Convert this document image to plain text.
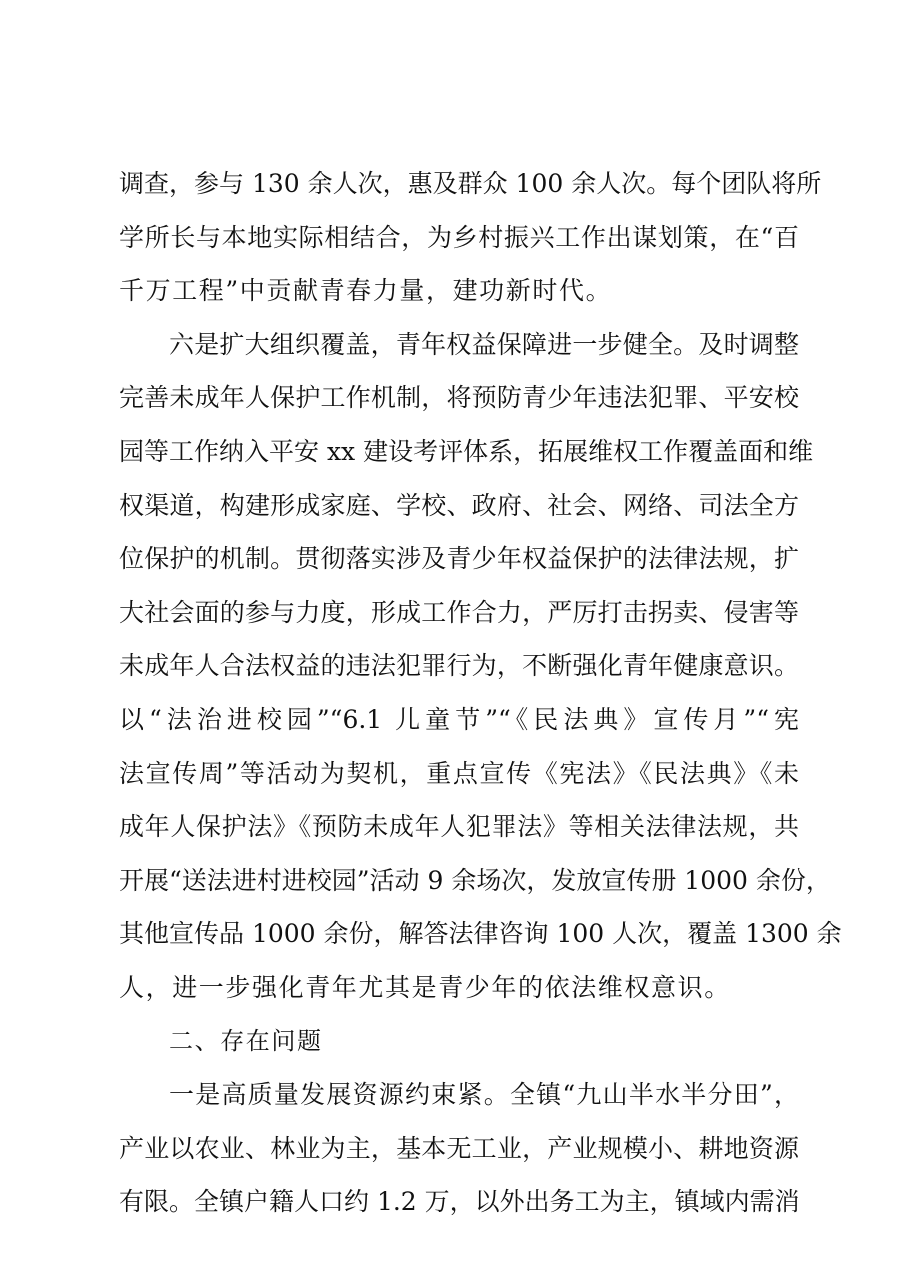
调查，参与 130 余人次，惠及群众 100 余人次。每个团队将所
学所长与本地实际相结合，为乡村振兴工作出谋划策，在“百
千万工程”中贡献青春力量，建功新时代。
六是扩大组织覆盖，青年权益保障进一步健全。及时调整
完善未成年人保护工作机制，将预防青少年违法犯罪、平安校
园等工作纳入平安 xx 建设考评体系，拓展维权工作覆盖面和维
权渠道，构建形成家庭、学校、政府、社会、网络、司法全方
位保护的机制。贯彻落实涉及青少年权益保护的法律法规，扩
大社会面的参与力度，形成工作合力，严厉打击拐卖、侵害等
未成年人合法权益的违法犯罪行为，不断强化青年健康意识。
以“法治进校园”“6.1 儿童节”“《民法典》宣传月”“宪
法宣传周”等活动为契机，重点宣传《宪法》《民法典》《未
成年人保护法》《预防未成年人犯罪法》等相关法律法规，共
开展“送法进村进校园”活动 9 余场次，发放宣传册 1000 余份，
其他宣传品 1000 余份，解答法律咨询 100 人次，覆盖 1300 余
人，进一步强化青年尤其是青少年的依法维权意识。
二、存在问题
一是高质量发展资源约束紧。全镇“九山半水半分田”，
产业以农业、林业为主，基本无工业，产业规模小、耕地资源
有限。全镇户籍人口约 1.2 万，以外出务工为主，镇域内需消
